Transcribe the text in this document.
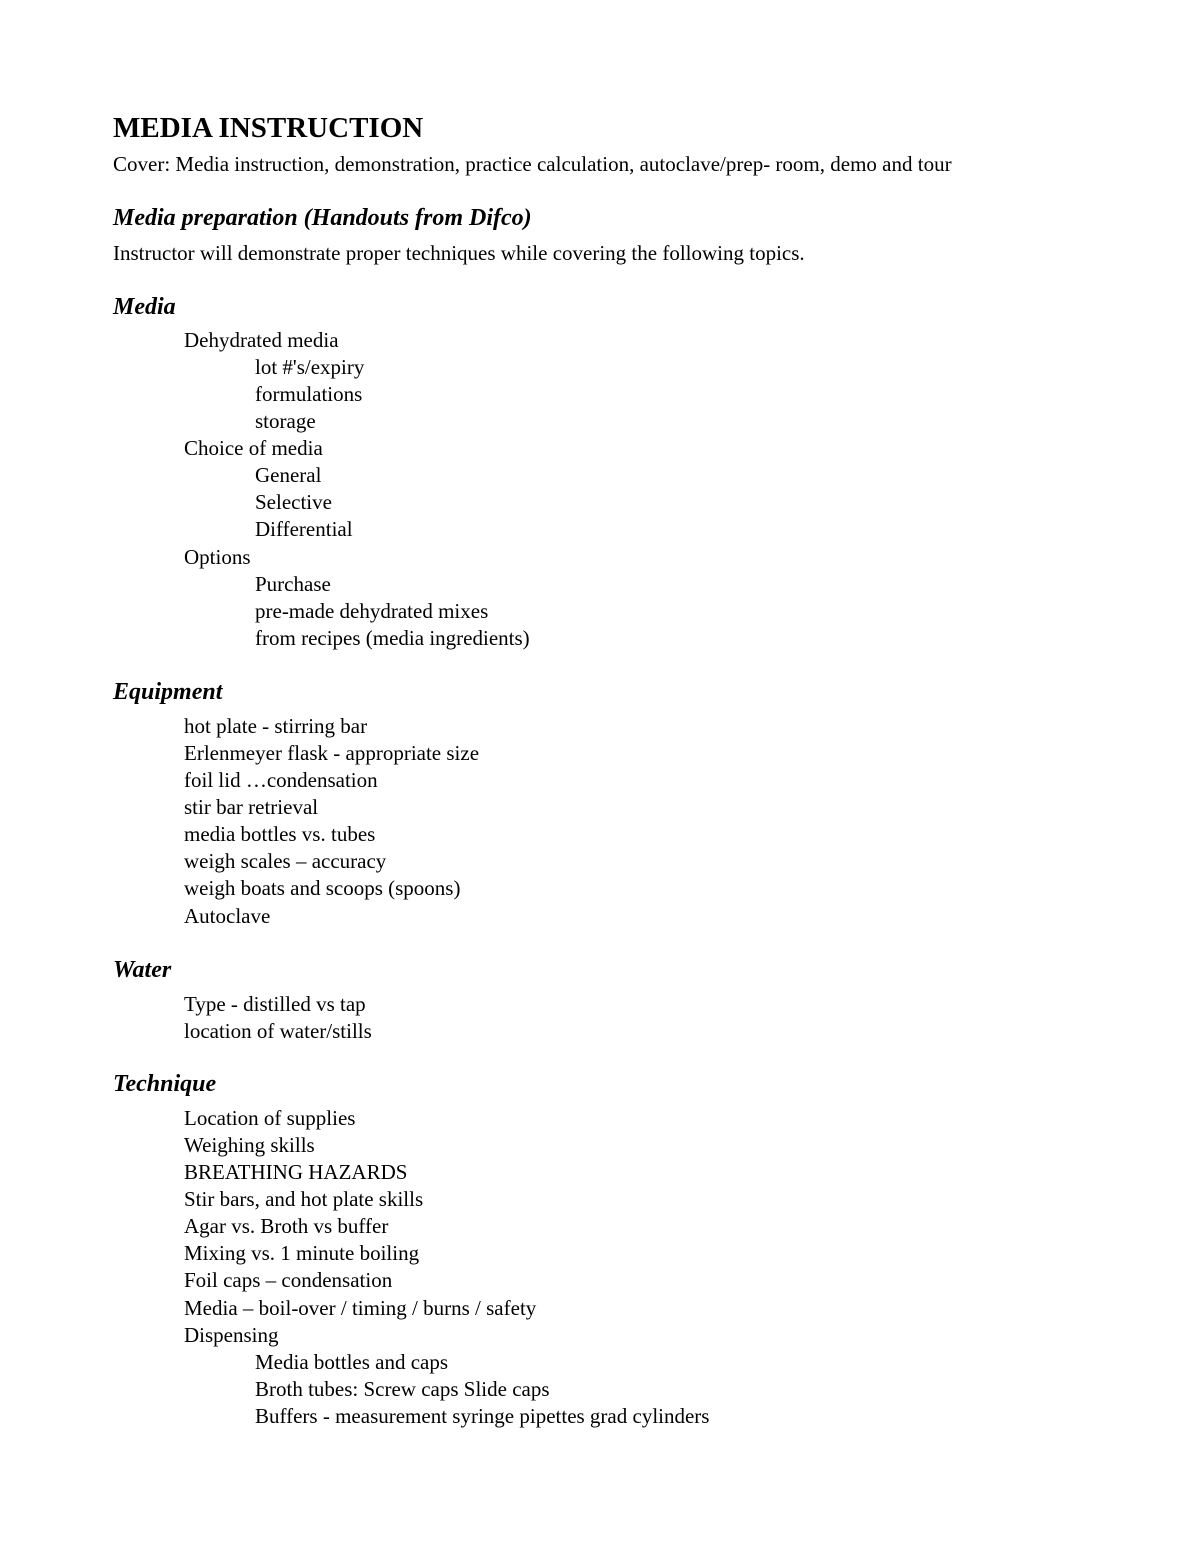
MEDIA INSTRUCTION
Cover: Media instruction, demonstration, practice calculation, autoclave/prep- room, demo and tour
Media preparation (Handouts from Difco)
Instructor will demonstrate proper techniques while covering the following topics.
Media
Dehydrated media
lot #'s/expiry
formulations
storage
Choice of media
General
Selective
Differential
Options
Purchase
pre-made dehydrated mixes
from recipes (media ingredients)
Equipment
hot plate - stirring bar
Erlenmeyer flask - appropriate size
foil lid …condensation
stir bar retrieval
media bottles vs. tubes
weigh scales – accuracy
weigh boats and scoops (spoons)
Autoclave
Water
Type - distilled vs tap
location of water/stills
Technique
Location of supplies
Weighing skills
BREATHING HAZARDS
Stir bars, and hot plate skills
Agar vs. Broth vs buffer
Mixing vs. 1 minute boiling
Foil caps – condensation
Media – boil-over / timing / burns / safety
Dispensing
Media bottles and caps
Broth tubes: Screw caps Slide caps
Buffers - measurement syringe pipettes grad cylinders
